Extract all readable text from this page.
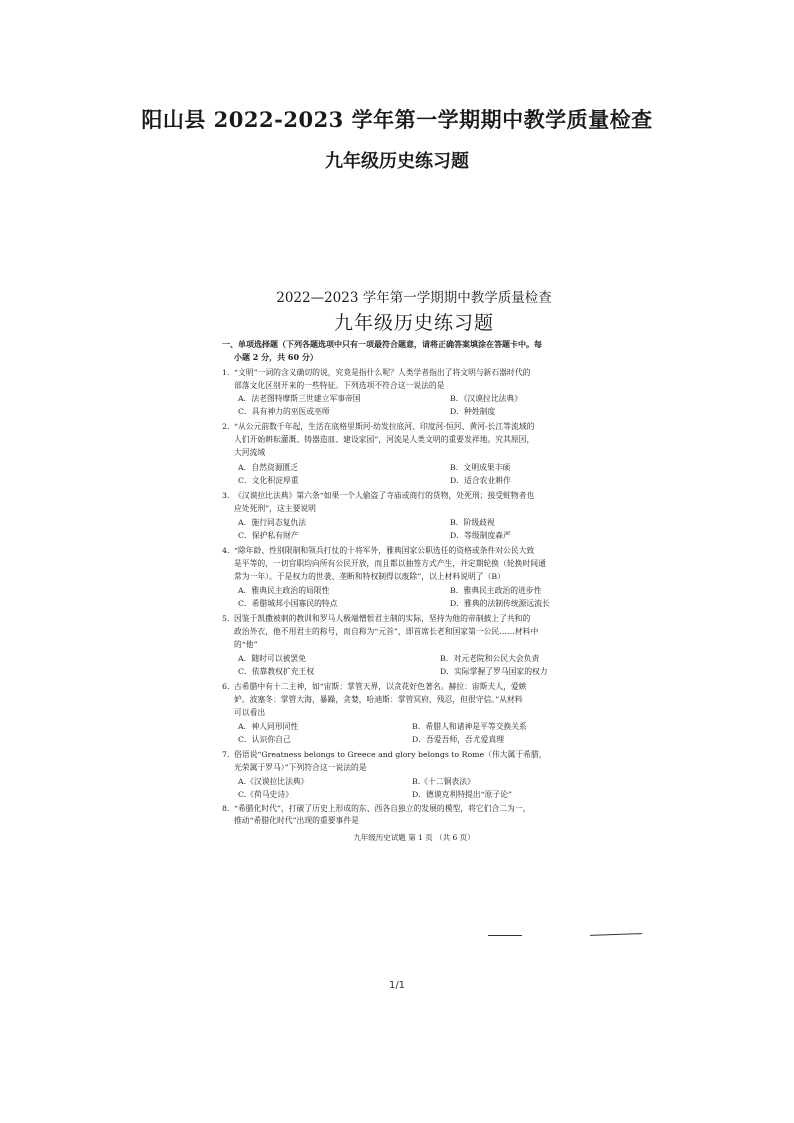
阳山县 2022-2023 学年第一学期期中教学质量检查
九年级历史练习题
2022—2023 学年第一学期期中教学质量检查
九年级历史练习题
一、单项选择题（下列各题选项中只有一项最符合题意，请将正确答案填涂在答题卡中。每
小题 2 分，共 60 分）
1. “文明”一词的含义确切的说，究竟是指什么呢？人类学者指出了将文明与新石器时代的
部落文化区别开来的一些特征。下列选项不符合这一说法的是
A．法老图特摩斯三世建立军事帝国	B．《汉谟拉比法典》
C．具有神力的巫医或巫师	D．种姓制度
2. “从公元前数千年起，生活在底格里斯河-幼发拉底河、印度河-恒河、黄河-长江等流域的
人们开始耕耘灌溉、铸器造皿、建设家园”，河流是人类文明的重要发祥地。究其原因，
大河流域
A．自然资源匮乏	B．文明成果丰硕
C．文化积淀厚重	D．适合农业耕作
3. 《汉谟拉比法典》第六条“如果一个人偷盗了寺庙或商行的货物，处死刑；接受赃物者也
应处死刑”，这主要说明
A．施行同态复仇法	B．阶级歧视
C．保护私有财产	D．等级制度森严
4. “除年龄、性别限制和领兵打仗的十将军外，雅典国家公职选任的资格或条件对公民大致
是平等的，一切官职均向所有公民开放，而且都以抽签方式产生，并定期轮换（轮换时间通
常为一年）。于是权力的世袭、垄断和特权制得以废除”，以上材料说明了（B）
A．雅典民主政治的局限性	B．雅典民主政治的进步性
C．希腊城邦小国寡民的特点	D．雅典的法制传统源远流长
5. 因鉴于凯撒被刺的教训和罗马人极端憎恨君主制的实际，坚持为他的帝制披上了共和的
政治外衣，他不用君主的称号，而自称为“元首”，即首席长老和国家第一公民……材料中
的“他”
A．随时可以被罢免	B．对元老院和公民大会负责
C．依靠教权扩充王权	D．实际掌握了罗马国家的权力
6. 古希腊中有十二主神，如“宙斯：掌管天界，以贪花好色著名。赫拉：宙斯夫人，爱嫉
妒。波塞冬：掌管大海，暴躁，贪婪，哈迪斯：掌管冥府，残忍，但很守信。”从材料
可以看出
A．神人同形同性	B．希腊人和诸神是平等交换关系
C．认识你自己	D．吾爱吾师，吾尤爱真理
7. 俗语说“Greatness belongs to Greece and glory belongs to Rome（伟大属于希腊，
光荣属于罗马）”下列符合这一说法的是
A.《汉谟拉比法典》	B.《十二铜表法》
C.《荷马史诗》	D．德谟克利特提出“原子论”
8. “希腊化时代”，打破了历史上形成的东、西各自独立的发展的模型，将它们合二为一，
推动“希腊化时代”出现的重要事件是
九年级历史试题 第 1 页 （共 6 页）
1/1
